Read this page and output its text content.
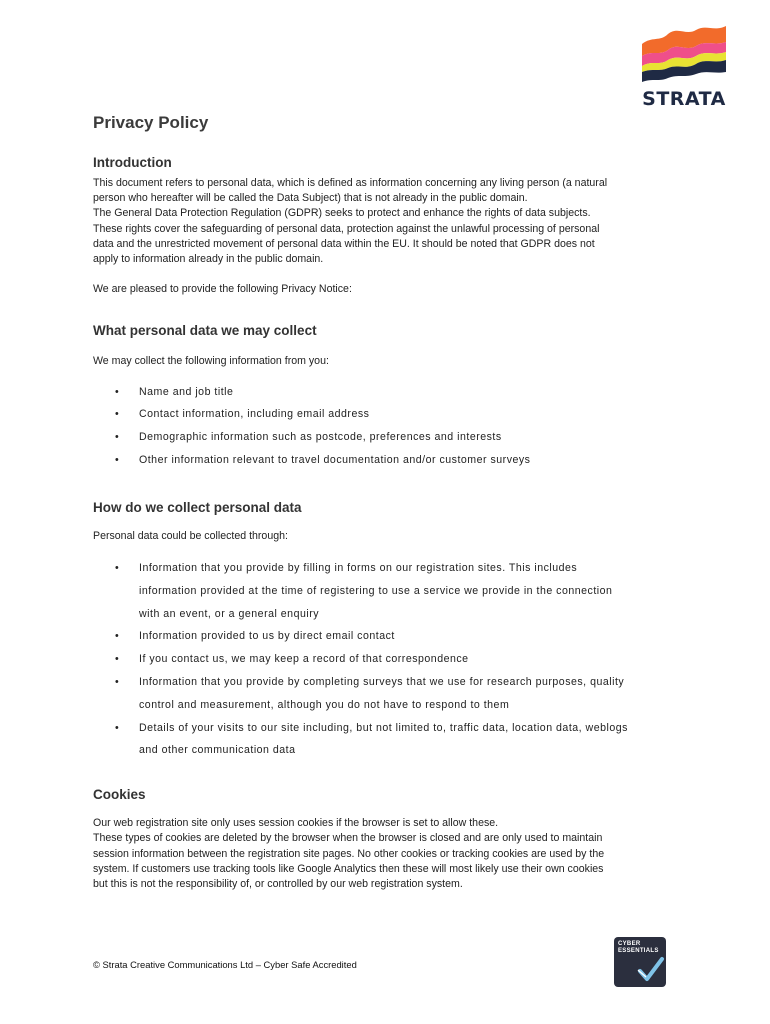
STRATA
Privacy Policy
Introduction

This document refers to personal data, which is defined as information concerning any living person (a natural

person who hereafter will be called the Data Subject) that is not already in the public domain.

The General Data Protection Regulation (GDPR) seeks to protect and enhance the rights of data subjects.

These rights cover the safeguarding of personal data, protection against the unlawful processing of personal

data and the unrestricted movement of personal data within the EU. It should be noted that GDPR does not

apply to information already in the public domain.

We are pleased to provide the following Privacy Notice:

What personal data we may collect

We may collect the following information from you:

• Name and job title
• Contact information, including email address
• Demographic information such as postcode, preferences and interests
• Other information relevant to travel documentation and/or customer surveys
How do we collect personal data

Personal data could be collected through:

• Information that you provide by filling in forms on our registration sites. This includes
information provided at the time of registering to use a service we provide in the connection
with an event, or a general enquiry
• Information provided to us by direct email contact
• If you contact us, we may keep a record of that correspondence
• Information that you provide by completing surveys that we use for research purposes, quality
control and measurement, although you do not have to respond to them
• Details of your visits to our site including, but not limited to, traffic data, location data, weblogs
and other communication data
Cookies

Our web registration site only uses session cookies if the browser is set to allow these.

These types of cookies are deleted by the browser when the browser is closed and are only used to maintain

session information between the registration site pages. No other cookies or tracking cookies are used by the

system. If customers use tracking tools like Google Analytics then these will most likely use their own cookies

but this is not the responsibility of, or controlled by our web registration system.

© Strata Creative Communications Ltd – Cyber Safe Accredited
CYBER
ESSENTIALS
